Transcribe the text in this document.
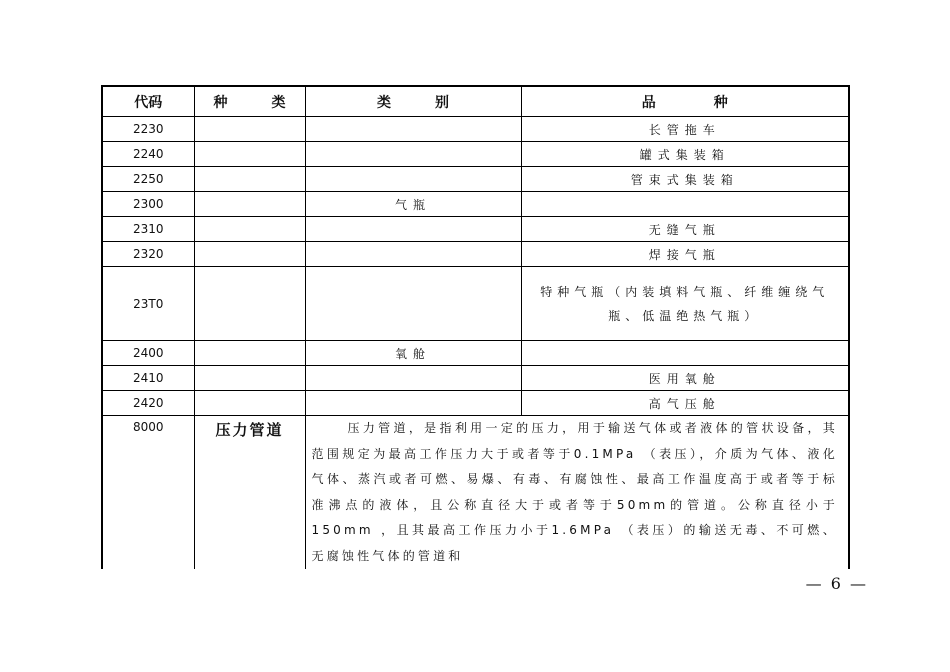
代码	种 类	类 别	品 种
2230			长管拖车
2240			罐式集装箱
2250			管束式集装箱
2300		气瓶	
2310			无缝气瓶
2320			焊接气瓶
23T0			特种气瓶（内装填料气瓶、纤维缠绕气瓶、低温绝热气瓶）
2400		氧舱	
2410			医用氧舱
2420			高气压舱
8000	压力管道	压力管道，是指利用一定的压力，用于输送气体或者液体的管状设备，其范围规定为最高工作压力大于或者等于0.1MPa （表压），介质为气体、液化气体、蒸汽或者可燃、易爆、有毒、有腐蚀性、最高工作温度高于或者等于标准沸点的液体，且公称直径大于或者等于50mm的管道。公称直径小于150mm ，且其最高工作压力小于1.6MPa （表压）的输送无毒、不可燃、无腐蚀性气体的管道和	
— 6 —
